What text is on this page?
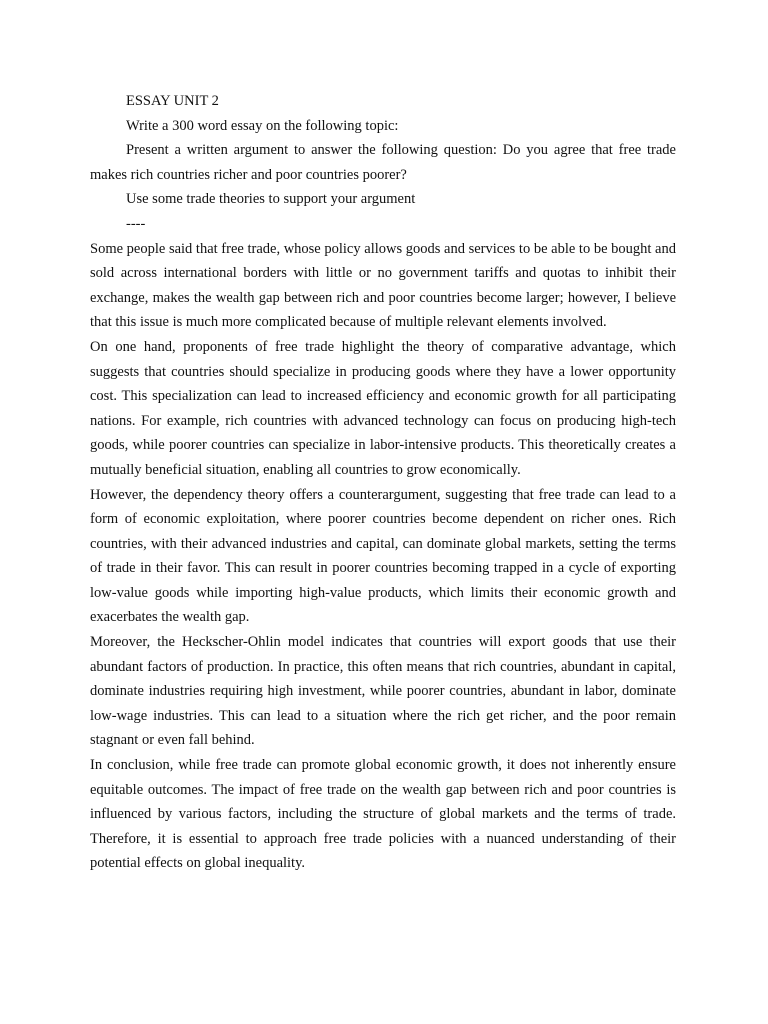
ESSAY UNIT 2

Write a 300 word essay on the following topic:

Present a written argument to answer the following question: Do you agree that free trade makes rich countries richer and poor countries poorer?

Use some trade theories to support your argument

----

Some people said that free trade, whose policy allows goods and services to be able to be bought and sold across international borders with little or no government tariffs and quotas to inhibit their exchange, makes the wealth gap between rich and poor countries become larger; however, I believe that this issue is much more complicated because of multiple relevant elements involved.

On one hand, proponents of free trade highlight the theory of comparative advantage, which suggests that countries should specialize in producing goods where they have a lower opportunity cost. This specialization can lead to increased efficiency and economic growth for all participating nations. For example, rich countries with advanced technology can focus on producing high-tech goods, while poorer countries can specialize in labor-intensive products. This theoretically creates a mutually beneficial situation, enabling all countries to grow economically.

However, the dependency theory offers a counterargument, suggesting that free trade can lead to a form of economic exploitation, where poorer countries become dependent on richer ones. Rich countries, with their advanced industries and capital, can dominate global markets, setting the terms of trade in their favor. This can result in poorer countries becoming trapped in a cycle of exporting low-value goods while importing high-value products, which limits their economic growth and exacerbates the wealth gap.

Moreover, the Heckscher-Ohlin model indicates that countries will export goods that use their abundant factors of production. In practice, this often means that rich countries, abundant in capital, dominate industries requiring high investment, while poorer countries, abundant in labor, dominate low-wage industries. This can lead to a situation where the rich get richer, and the poor remain stagnant or even fall behind.

In conclusion, while free trade can promote global economic growth, it does not inherently ensure equitable outcomes. The impact of free trade on the wealth gap between rich and poor countries is influenced by various factors, including the structure of global markets and the terms of trade. Therefore, it is essential to approach free trade policies with a nuanced understanding of their potential effects on global inequality.
